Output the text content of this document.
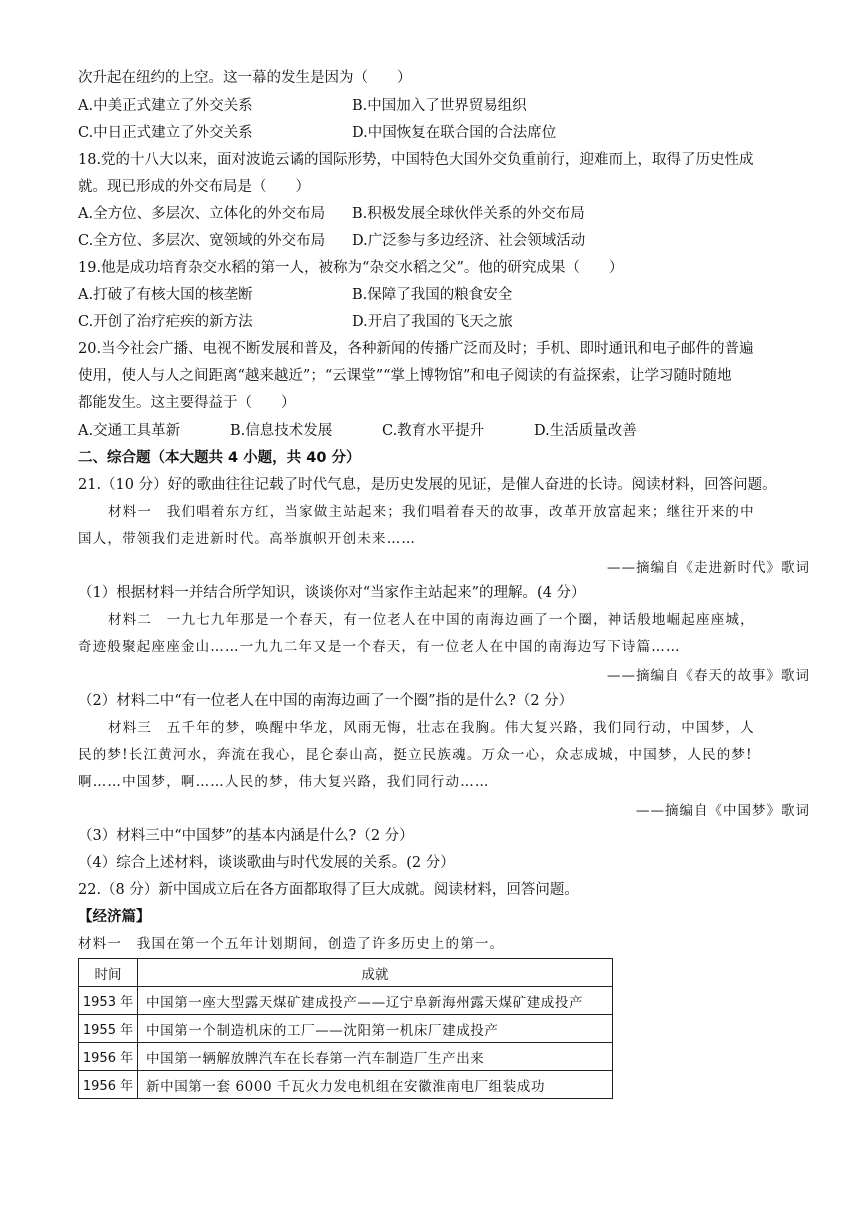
次升起在纽约的上空。这一幕的发生是因为（　　）
A.中美正式建立了外交关系	B.中国加入了世界贸易组织
C.中日正式建立了外交关系	D.中国恢复在联合国的合法席位
18.党的十八大以来，面对波诡云谲的国际形势，中国特色大国外交负重前行，迎难而上，取得了历史性成
就。现已形成的外交布局是（　　）
A.全方位、多层次、立体化的外交布局 B.积极发展全球伙伴关系的外交布局
C.全方位、多层次、宽领域的外交布局 D.广泛参与多边经济、社会领域活动
19.他是成功培育杂交水稻的第一人，被称为“杂交水稻之父”。他的研究成果（　　）
A.打破了有核大国的核垄断	B.保障了我国的粮食安全
C.开创了治疗疟疾的新方法	D.开启了我国的飞天之旅
20.当今社会广播、电视不断发展和普及，各种新闻的传播广泛而及时；手机、即时通讯和电子邮件的普遍
使用，使人与人之间距离“越来越近”；“云课堂”“掌上博物馆”和电子阅读的有益探索，让学习随时随地
都能发生。这主要得益于（　　）
A.交通工具革新	B.信息技术发展	C.教育水平提升	D.生活质量改善
二、综合题（本大题共 4 小题，共 40 分）
21.（10 分）好的歌曲往往记载了时代气息，是历史发展的见证，是催人奋进的长诗。阅读材料，回答问题。
材料一　我们唱着东方红，当家做主站起来；我们唱着春天的故事，改革开放富起来；继往开来的中
国人，带领我们走进新时代。高举旗帜开创未来……
——摘编自《走进新时代》歌词
（1）根据材料一并结合所学知识，谈谈你对“当家作主站起来”的理解。(4 分）
材料二　一九七九年那是一个春天，有一位老人在中国的南海边画了一个圈，神话般地崛起座座城，
奇迹般聚起座座金山……一九九二年又是一个春天，有一位老人在中国的南海边写下诗篇……
——摘编自《春天的故事》歌词
（2）材料二中“有一位老人在中国的南海边画了一个圈”指的是什么?（2 分）
材料三　五千年的梦，唤醒中华龙，风雨无悔，壮志在我胸。伟大复兴路，我们同行动，中国梦，人
民的梦!长江黄河水，奔流在我心，昆仑泰山高，挺立民族魂。万众一心，众志成城，中国梦，人民的梦!
啊……中国梦，啊……人民的梦，伟大复兴路，我们同行动……
——摘编自《中国梦》歌词
（3）材料三中“中国梦”的基本内涵是什么?（2 分）
（4）综合上述材料，谈谈歌曲与时代发展的关系。(2 分）
22.（8 分）新中国成立后在各方面都取得了巨大成就。阅读材料，回答问题。
【经济篇】
材料一　我国在第一个五年计划期间，创造了许多历史上的第一。
时间	成就
1953 年	中国第一座大型露天煤矿建成投产——辽宁阜新海州露天煤矿建成投产
1955 年	中国第一个制造机床的工厂——沈阳第一机床厂建成投产
1956 年	中国第一辆解放牌汽车在长春第一汽车制造厂生产出来
1956 年	新中国第一套 6000 千瓦火力发电机组在安徽淮南电厂组装成功
